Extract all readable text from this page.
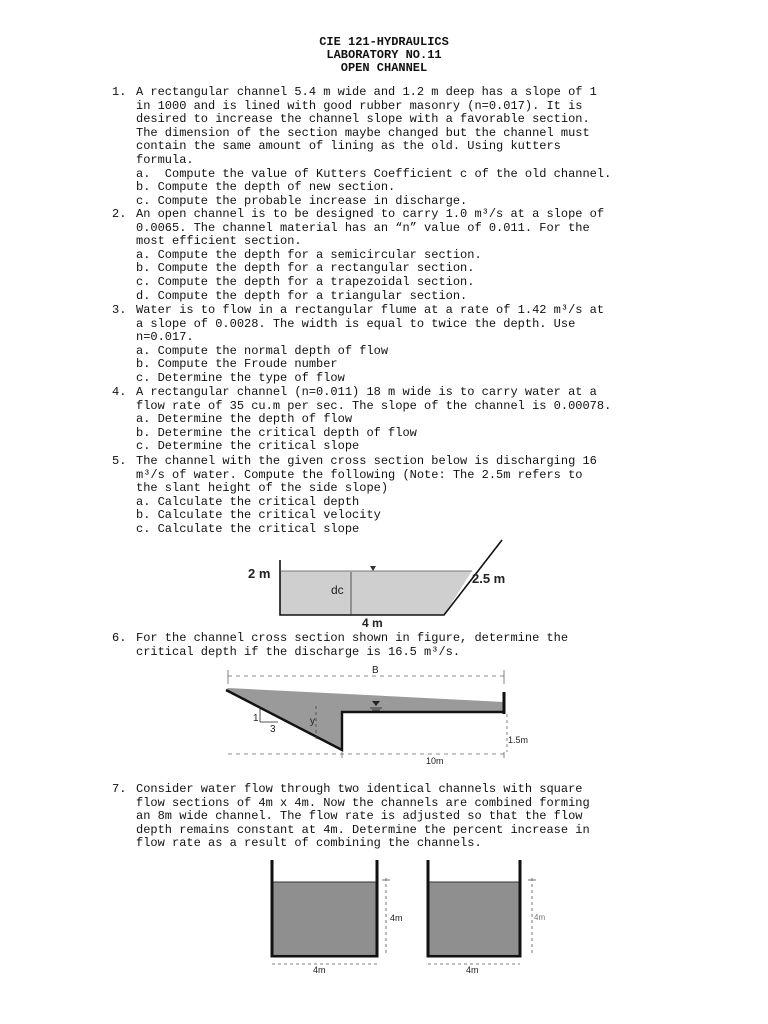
CIE 121-HYDRAULICS
LABORATORY NO.11
OPEN CHANNEL
1. A rectangular channel 5.4 m wide and 1.2 m deep has a slope of 1
in 1000 and is lined with good rubber masonry (n=0.017). It is
desired to increase the channel slope with a favorable section.
The dimension of the section maybe changed but the channel must
contain the same amount of lining as the old. Using kutters
formula.
a.  Compute the value of Kutters Coefficient c of the old channel.
b. Compute the depth of new section.
c. Compute the probable increase in discharge.
2. An open channel is to be designed to carry 1.0 m³/s at a slope of
0.0065. The channel material has an “n” value of 0.011. For the
most efficient section.
a. Compute the depth for a semicircular section.
b. Compute the depth for a rectangular section.
c. Compute the depth for a trapezoidal section.
d. Compute the depth for a triangular section.
3. Water is to flow in a rectangular flume at a rate of 1.42 m³/s at
a slope of 0.0028. The width is equal to twice the depth. Use
n=0.017.
a. Compute the normal depth of flow
b. Compute the Froude number
c. Determine the type of flow
4. A rectangular channel (n=0.011) 18 m wide is to carry water at a
flow rate of 35 cu.m per sec. The slope of the channel is 0.00078.
a. Determine the depth of flow
b. Determine the critical depth of flow
c. Determine the critical slope
5. The channel with the given cross section below is discharging 16
m³/s of water. Compute the following (Note: The 2.5m refers to
the slant height of the side slope)
a. Calculate the critical depth
b. Calculate the critical velocity
c. Calculate the critical slope
6. For the channel cross section shown in figure, determine the
critical depth if the discharge is 16.5 m³/s.
7. Consider water flow through two identical channels with square
flow sections of 4m x 4m. Now the channels are combined forming
an 8m wide channel. The flow rate is adjusted so that the flow
depth remains constant at 4m. Determine the percent increase in
flow rate as a result of combining the channels.
2 m
dc
2.5 m
4 m
B
1
3
y
1.5m
10m
4m	4m
4m	4m
